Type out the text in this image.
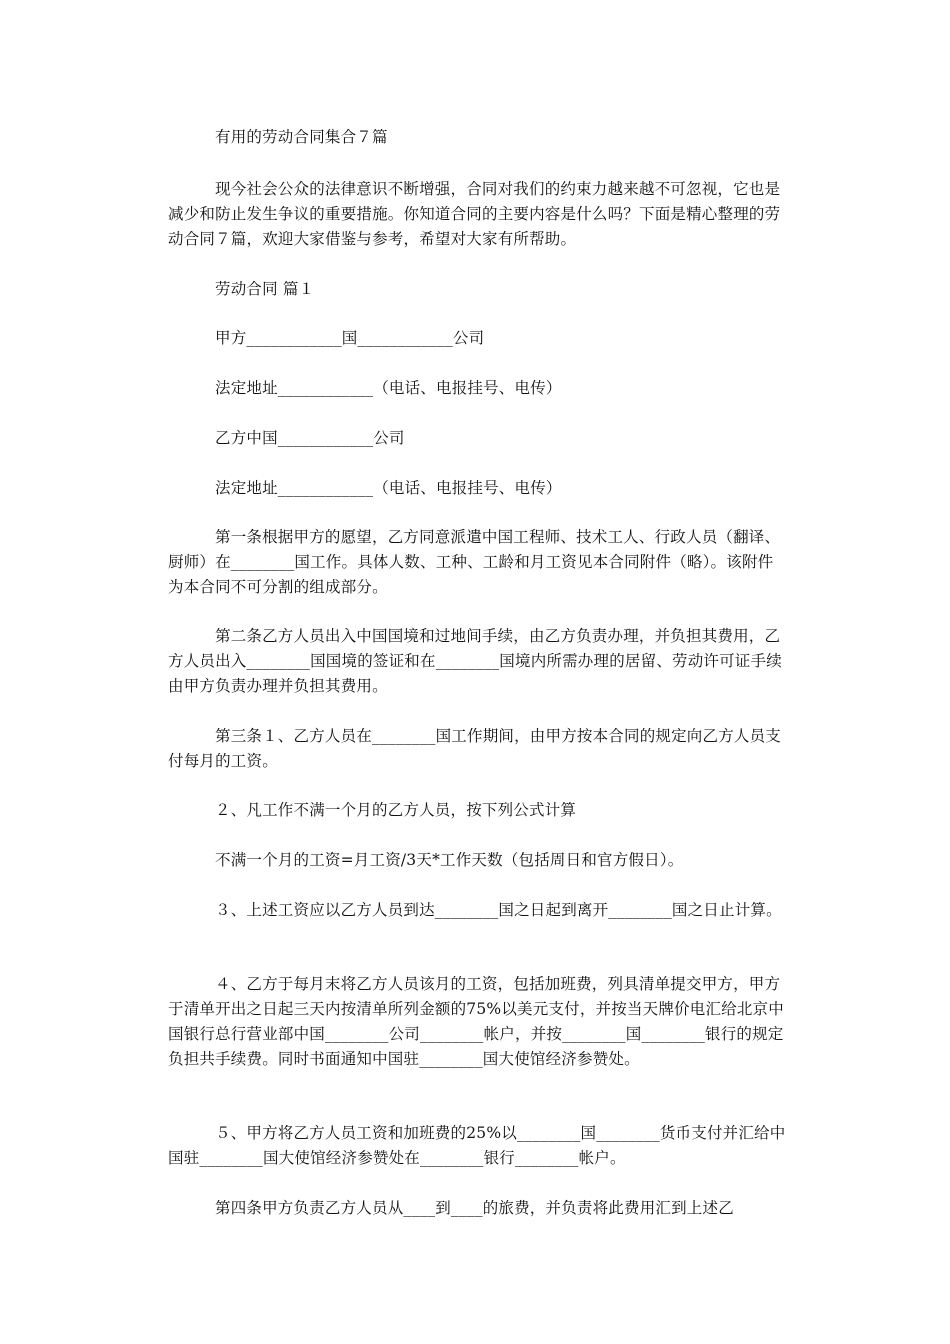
有用的劳动合同集合７篇
现今社会公众的法律意识不断增强，合同对我们的约束力越来越不可忽视，它也是减少和防止发生争议的重要措施。你知道合同的主要内容是什么吗？下面是精心整理的劳动合同７篇，欢迎大家借鉴与参考，希望对大家有所帮助。
劳动合同 篇１
甲方____________国____________公司
法定地址____________（电话、电报挂号、电传）
乙方中国____________公司
法定地址____________（电话、电报挂号、电传）
第一条根据甲方的愿望，乙方同意派遣中国工程师、技术工人、行政人员（翻译、厨师）在________国工作。具体人数、工种、工龄和月工资见本合同附件（略）。该附件为本合同不可分割的组成部分。
第二条乙方人员出入中国国境和过地间手续，由乙方负责办理，并负担其费用，乙方人员出入________国国境的签证和在________国境内所需办理的居留、劳动许可证手续由甲方负责办理并负担其费用。
第三条１、乙方人员在________国工作期间，由甲方按本合同的规定向乙方人员支付每月的工资。
２、凡工作不满一个月的乙方人员，按下列公式计算
不满一个月的工资=月工资/3天*工作天数（包括周日和官方假日）。
３、上述工资应以乙方人员到达________国之日起到离开________国之日止计算。
４、乙方于每月末将乙方人员该月的工资，包括加班费，列具清单提交甲方，甲方于清单开出之日起三天内按清单所列金额的75%以美元支付，并按当天牌价电汇给北京中国银行总行营业部中国________公司________帐户，并按________国________银行的规定负担共手续费。同时书面通知中国驻________国大使馆经济参赞处。
５、甲方将乙方人员工资和加班费的25%以________国________货币支付并汇给中国驻________国大使馆经济参赞处在________银行________帐户。
第四条甲方负责乙方人员从____到____的旅费，并负责将此费用汇到上述乙
